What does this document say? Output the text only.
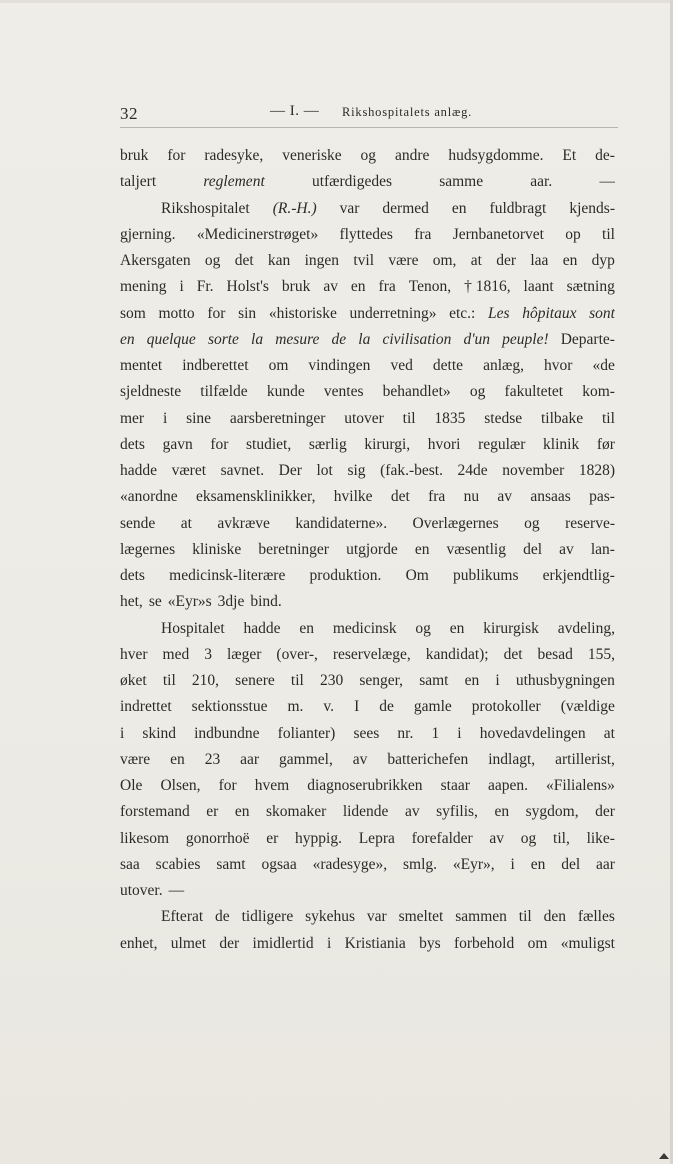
32	— I. — Rikshospitalets anlæg.
bruk for radesyke, veneriske og andre hudsygdomme. Et de-
taljert	reglement	utfærdigedes	samme	aar.	—
Rikshospitalet (R.-H.) var dermed en fuldbragt kjends-
gjerning. «Medicinerstrøget» flyttedes fra Jernbanetorvet op til
Akersgaten og det kan ingen tvil være om, at der laa en dyp
mening i Fr. Holst's bruk av en fra Tenon, † 1816, laant sætning
som motto for sin «historiske underretning» etc.: Les hôpitaux sont
en quelque sorte la mesure de la civilisation d'un peuple! Departe-
mentet indberettet om vindingen ved dette anlæg, hvor «de
sjeldneste tilfælde kunde ventes behandlet» og fakultetet kom-
mer i sine aarsberetninger utover til 1835 stedse tilbake til
dets gavn for studiet, særlig kirurgi, hvori regulær klinik før
hadde været savnet. Der lot sig (fak.-best. 24de november 1828)
«anordne eksamensklinikker, hvilke det fra nu av ansaas pas-
sende at avkræve kandidaterne». Overlægernes og reserve-
lægernes kliniske beretninger utgjorde en væsentlig del av lan-
dets medicinsk-literære produktion. Om publikums erkjendtlig-
het, se «Eyr»s 3dje bind.
Hospitalet hadde en medicinsk og en kirurgisk avdeling,
hver med 3 læger (over-, reservelæge, kandidat); det besad 155,
øket til 210, senere til 230 senger, samt en i uthusbygningen
indrettet sektionsstue m. v. I de gamle protokoller (vældige
i skind indbundne folianter) sees nr. 1 i hovedavdelingen at
være en 23 aar gammel, av batterichefen indlagt, artillerist,
Ole Olsen, for hvem diagnoserubrikken staar aapen. «Filialens»
forstemand er en skomaker lidende av syfilis, en sygdom, der
likesom gonorrhoë er hyppig. Lepra forefalder av og til, like-
saa scabies samt ogsaa «radesyge», smlg. «Eyr», i en del aar
utover. —
Efterat de tidligere sykehus var smeltet sammen til den fælles
enhet, ulmet der imidlertid i Kristiania bys forbehold om «muligst
